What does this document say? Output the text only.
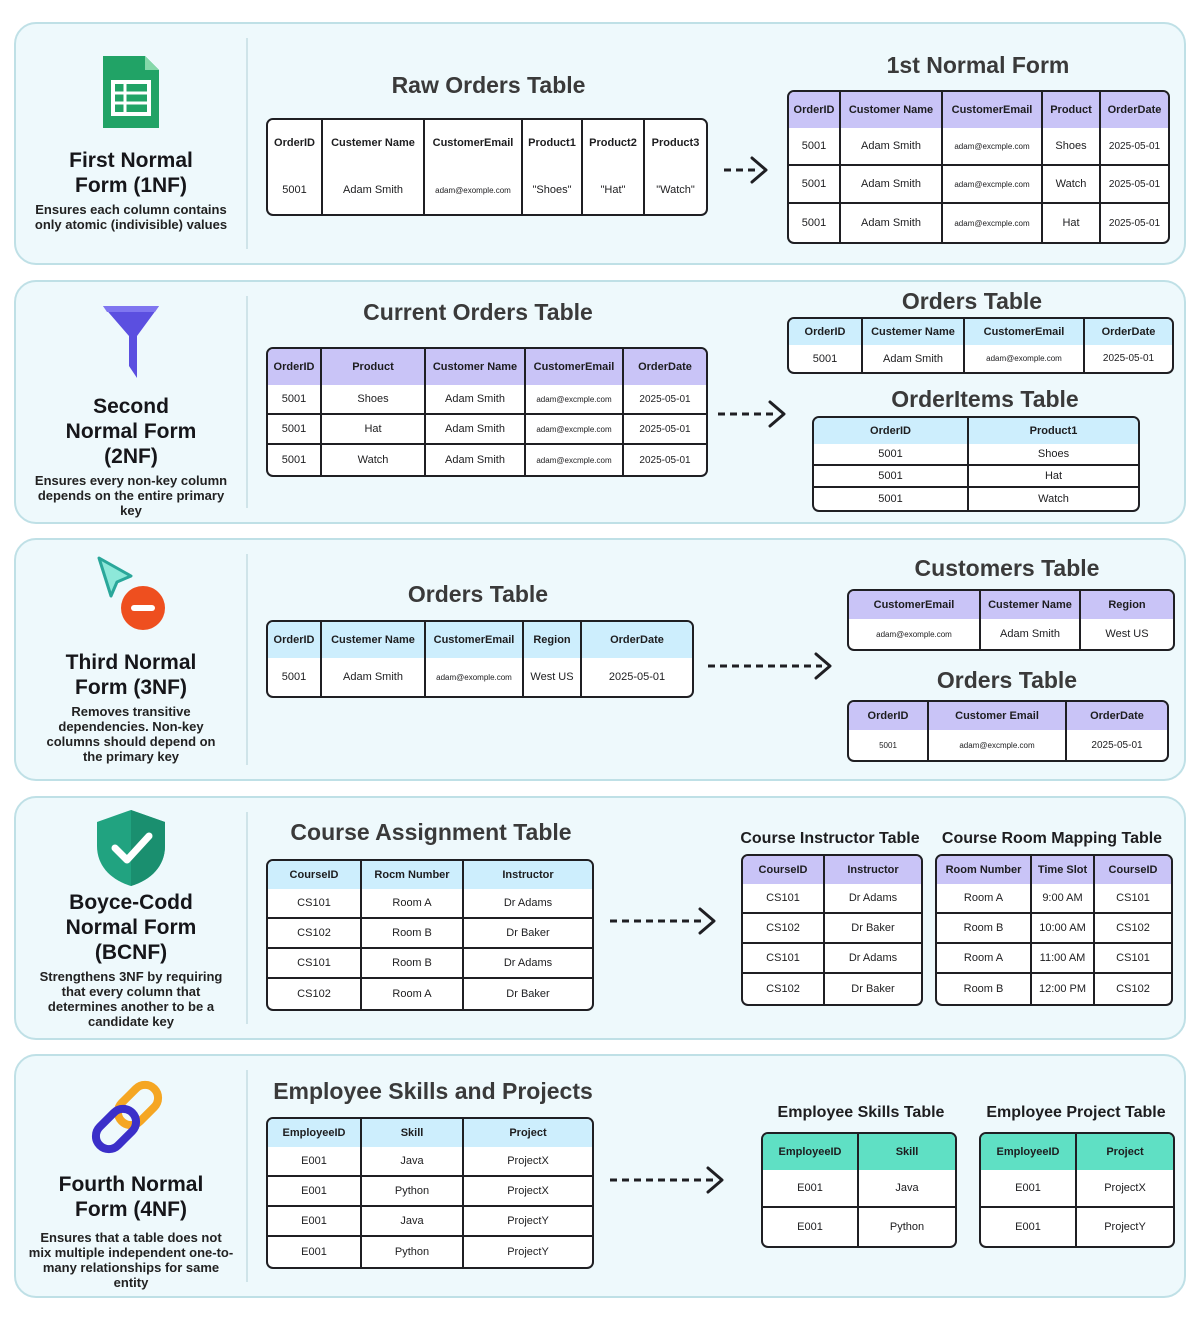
First Normal Form (1NF)
Ensures each column contains only atomic (indivisible) values
Raw Orders Table
OrderID	Custemer Name	CustomerEmail	Product1	Product2	Product3
5001	Adam Smith	adam@exomple.com	"Shoes"	"Hat"	"Watch"
1st Normal Form
OrderID	Customer Name	CustomerEmail	Product	OrderDate
5001	Adam Smith	adam@excmple.com	Shoes	2025-05-01
5001	Adam Smith	adam@excmple.com	Watch	2025-05-01
5001	Adam Smith	adam@excmple.com	Hat	2025-05-01
Second Normal Form (2NF)
Ensures every non-key column depends on the entire primary key
Current Orders Table
OrderID	Product	Customer Name	CustomerEmail	OrderDate
5001	Shoes	Adam Smith	adam@excmple.com	2025-05-01
5001	Hat	Adam Smith	adam@excmple.com	2025-05-01
5001	Watch	Adam Smith	adam@excmple.com	2025-05-01
Orders Table
OrderID	Custemer Name	CustomerEmail	OrderDate
5001	Adam Smith	adam@exomple.com	2025-05-01
OrderItems Table
OrderID	Product1
5001	Shoes
5001	Hat
5001	Watch
Third Normal Form (3NF)
Removes transitive dependencies. Non-key columns should depend on the primary key
Orders Table
OrderID	Custemer Name	CustomerEmail	Region	OrderDate
5001	Adam Smith	adam@exomple.com	West US	2025-05-01
Customers Table
CustomerEmail	Custemer Name	Region
adam@exomple.com	Adam Smith	West US
Orders Table
OrderID	Customer Email	OrderDate
5001	adam@excmple.com	2025-05-01
Boyce-Codd Normal Form (BCNF)
Strengthens 3NF by requiring that every column that determines another to be a candidate key
Course Assignment Table
CourseID	Rocm Number	Instructor
CS101	Room A	Dr Adams
CS102	Room B	Dr Baker
CS101	Room B	Dr Adams
CS102	Room A	Dr Baker
Course Instructor Table
CourseID	Instructor
CS101	Dr Adams
CS102	Dr Baker
CS101	Dr Adams
CS102	Dr Baker
Course Room Mapping Table
Room Number	Time Slot	CourseID
Room A	9:00 AM	CS101
Room B	10:00 AM	CS102
Room A	11:00 AM	CS101
Room B	12:00 PM	CS102
Fourth Normal Form (4NF)
Ensures that a table does not mix multiple independent one-to-many relationships for same entity
Employee Skills and Projects
EmployeeID	Skill	Project
E001	Java	ProjectX
E001	Python	ProjectX
E001	Java	ProjectY
E001	Python	ProjectY
Employee Skills Table
EmployeeID	Skill
E001	Java
E001	Python
Employee Project Table
EmployeeID	Project
E001	ProjectX
E001	ProjectY
